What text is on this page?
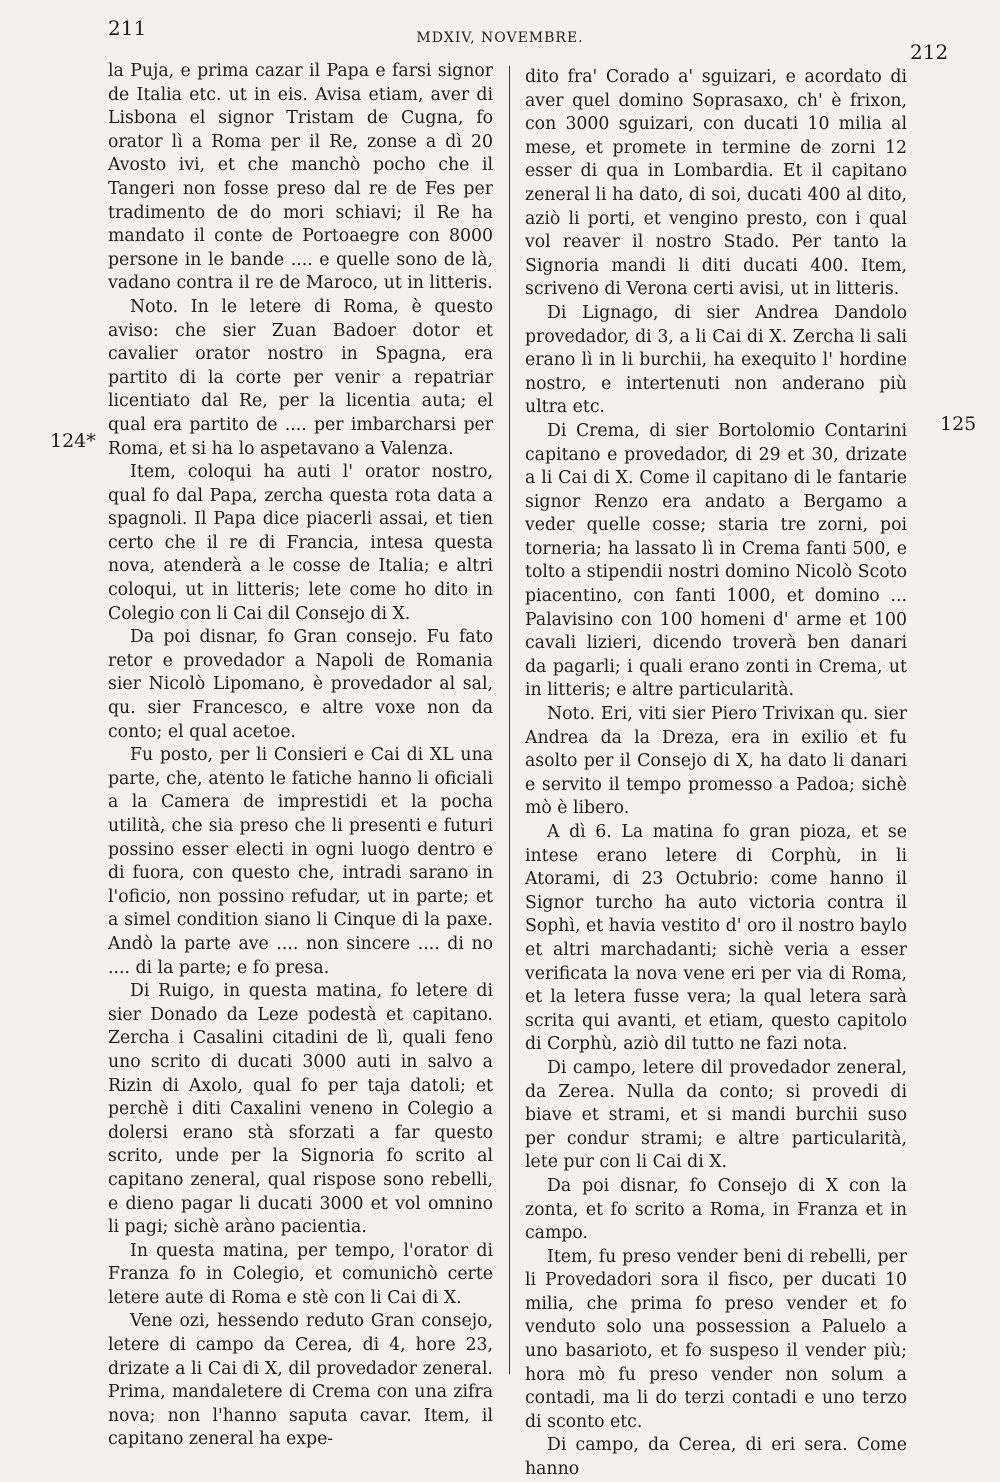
211
212
MDXIV, NOVEMBRE.
124*
125

la Puja, e prima cazar il Papa e farsi signor de Italia etc. ut in eis. Avisa etiam, aver di Lisbona el signor Tristam de Cugna, fo orator lì a Roma per il Re, zonse a dì 20 Avosto ivi, et che manchò pocho che il Tangeri non fosse preso dal re de Fes per tradimento de do mori schiavi; il Re ha mandato il conte de Portoaegre con 8000 persone in le bande .... e quelle sono de là, vadano contra il re de Maroco, ut in litteris.

Noto. In le letere di Roma, è questo aviso: che sier Zuan Badoer dotor et cavalier orator nostro in Spagna, era partito di la corte per venir a repatriar licentiato dal Re, per la licentia auta; el qual era partito de .... per imbarcharsi per Roma, et si ha lo aspetavano a Valenza.

Item, coloqui ha auti l' orator nostro, qual fo dal Papa, zercha questa rota data a spagnoli. Il Papa dice piacerli assai, et tien certo che il re di Francia, intesa questa nova, atenderà a le cosse de Italia; e altri coloqui, ut in litteris; lete come ho dito in Colegio con li Cai dil Consejo di X.

Da poi disnar, fo Gran consejo. Fu fato retor e provedador a Napoli de Romania sier Nicolò Lipomano, è provedador al sal, qu. sier Francesco, e altre voxe non da conto; el qual acetoe.

Fu posto, per li Consieri e Cai di XL una parte, che, atento le fatiche hanno li oficiali a la Camera de imprestidi et la pocha utilità, che sia preso che li presenti e futuri possino esser electi in ogni luogo dentro e di fuora, con questo che, intradi sarano in l'oficio, non possino refudar, ut in parte; et a simel condition siano li Cinque di la paxe. Andò la parte ave .... non sincere .... di no .... di la parte; e fo presa.

Di Ruigo, in questa matina, fo letere di sier Donado da Leze podestà et capitano. Zercha i Casalini citadini de lì, quali feno uno scrito di ducati 3000 auti in salvo a Rizin di Axolo, qual fo per taja datoli; et perchè i diti Caxalini veneno in Colegio a dolersi erano stà sforzati a far questo scrito, unde per la Signoria fo scrito al capitano zeneral, qual rispose sono rebelli, e dieno pagar li ducati 3000 et vol omnino li pagi; sichè aràno pacientia.

In questa matina, per tempo, l'orator di Franza fo in Colegio, et comunichò certe letere aute di Roma e stè con li Cai di X.

Vene ozi, hessendo reduto Gran consejo, letere di campo da Cerea, di 4, hore 23, drizate a li Cai di X, dil provedador zeneral. Prima, mandaletere di Crema con una zifra nova; non l'hanno saputa cavar. Item, il capitano zeneral ha expe-

dito fra' Corado a' sguizari, e acordato di aver quel domino Soprasaxo, ch' è frixon, con 3000 sguizari, con ducati 10 milia al mese, et promete in termine de zorni 12 esser di qua in Lombardia. Et il capitano zeneral li ha dato, di soi, ducati 400 al dito, aziò li porti, et vengino presto, con i qual vol reaver il nostro Stado. Per tanto la Signoria mandi li diti ducati 400. Item, scriveno di Verona certi avisi, ut in litteris.

Di Lignago, di sier Andrea Dandolo provedador, di 3, a li Cai di X. Zercha li sali erano lì in li burchii, ha exequito l' hordine nostro, e intertenuti non anderano più ultra etc.

Di Crema, di sier Bortolomio Contarini capitano e provedador, di 29 et 30, drizate a li Cai di X. Come il capitano di le fantarie signor Renzo era andato a Bergamo a veder quelle cosse; staria tre zorni, poi torneria; ha lassato lì in Crema fanti 500, e tolto a stipendii nostri domino Nicolò Scoto piacentino, con fanti 1000, et domino ... Palavisino con 100 homeni d' arme et 100 cavali lizieri, dicendo troverà ben danari da pagarli; i quali erano zonti in Crema, ut in litteris; e altre particularità.

Noto. Eri, viti sier Piero Trivixan qu. sier Andrea da la Dreza, era in exilio et fu asolto per il Consejo di X, ha dato li danari e servito il tempo promesso a Padoa; sichè mò è libero.

A dì 6. La matina fo gran pioza, et se intese erano letere di Corphù, in li Atorami, di 23 Octubrio: come hanno il Signor turcho ha auto victoria contra il Sophì, et havia vestito d' oro il nostro baylo et altri marchadanti; sichè veria a esser verificata la nova vene eri per via di Roma, et la letera fusse vera; la qual letera sarà scrita qui avanti, et etiam, questo capitolo di Corphù, aziò dil tutto ne fazi nota.

Di campo, letere dil provedador zeneral, da Zerea. Nulla da conto; si provedi di biave et strami, et si mandi burchii suso per condur strami; e altre particularità, lete pur con li Cai di X.

Da poi disnar, fo Consejo di X con la zonta, et fo scrito a Roma, in Franza et in campo.

Item, fu preso vender beni di rebelli, per li Provedadori sora il fisco, per ducati 10 milia, che prima fo preso vender et fo venduto solo una possession a Paluelo a uno basarioto, et fo suspeso il vender più; hora mò fu preso vender non solum a contadi, ma li do terzi contadi e uno terzo di sconto etc.

Di campo, da Cerea, di eri sera. Come hanno
